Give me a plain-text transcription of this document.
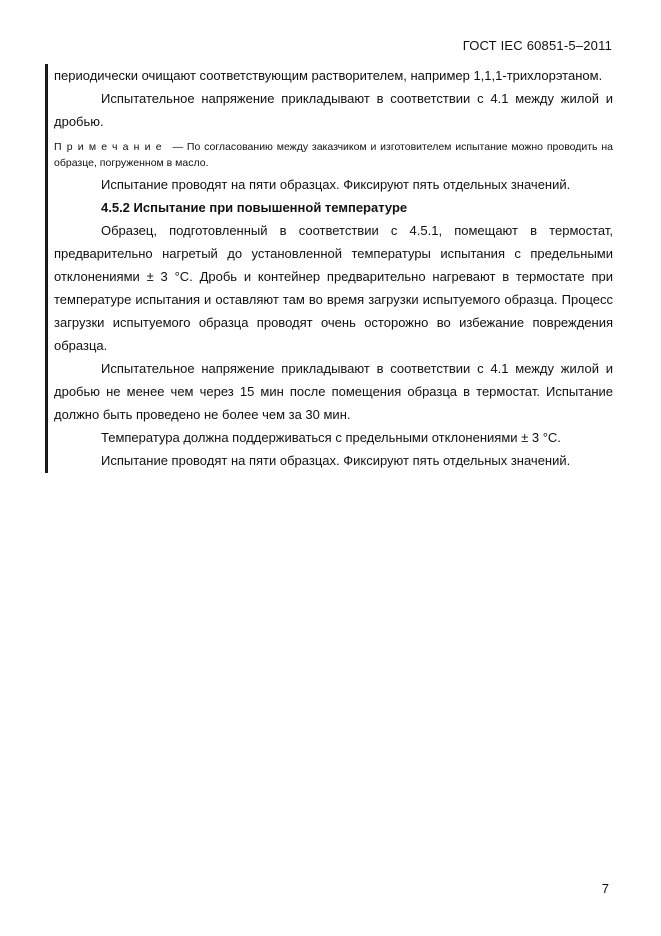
ГОСТ IEC 60851-5–2011

периодически очищают соответствующим растворителем, например 1,1,1-трихлорэтаном.

Испытательное напряжение прикладывают в соответствии с 4.1 между жилой и дробью.

Примечание — По согласованию между заказчиком и изготовителем испытание можно проводить на образце, погруженном в масло.

Испытание проводят на пяти образцах. Фиксируют пять отдельных значений.

4.5.2 Испытание при повышенной температуре

Образец, подготовленный в соответствии с 4.5.1, помещают в термостат, предварительно нагретый до установленной температуры испытания с предельными отклонениями ± 3 °С. Дробь и контейнер предварительно нагревают в термостате при температуре испытания и оставляют там во время загрузки испытуемого образца. Процесс загрузки испытуемого образца проводят очень осторожно во избежание повреждения образца.

Испытательное напряжение прикладывают в соответствии с 4.1 между жилой и дробью не менее чем через 15 мин после помещения образца в термостат. Испытание должно быть проведено не более чем за 30 мин.

Температура должна поддерживаться с предельными отклонениями ± 3 °С.

Испытание проводят на пяти образцах. Фиксируют пять отдельных значений.

7
